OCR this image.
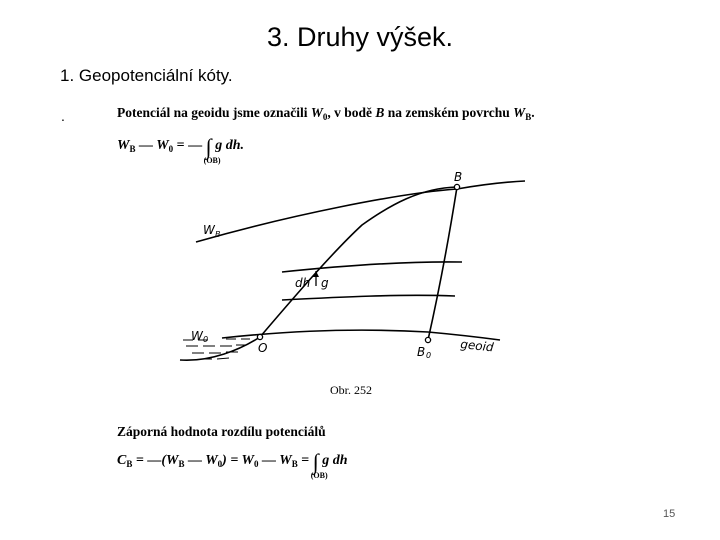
3. Druhy výšek.
1. Geopotenciální kóty.
.	Potenciál na geoidu jsme označili $W_0$, v bodě B na zemském povrchu $W_B$.
$W_B$ — $W_0$ = — ∫
(OB)
g dh.
B
W B
dh g
W 0
O	B 0
geoid
Obr. 252
Záporná hodnota rozdílu potenciálů
$C_B$ = $—(W_B$ — $W_0) = W_0$ — $W_B$ = ∫
(OB)
g dh
15
